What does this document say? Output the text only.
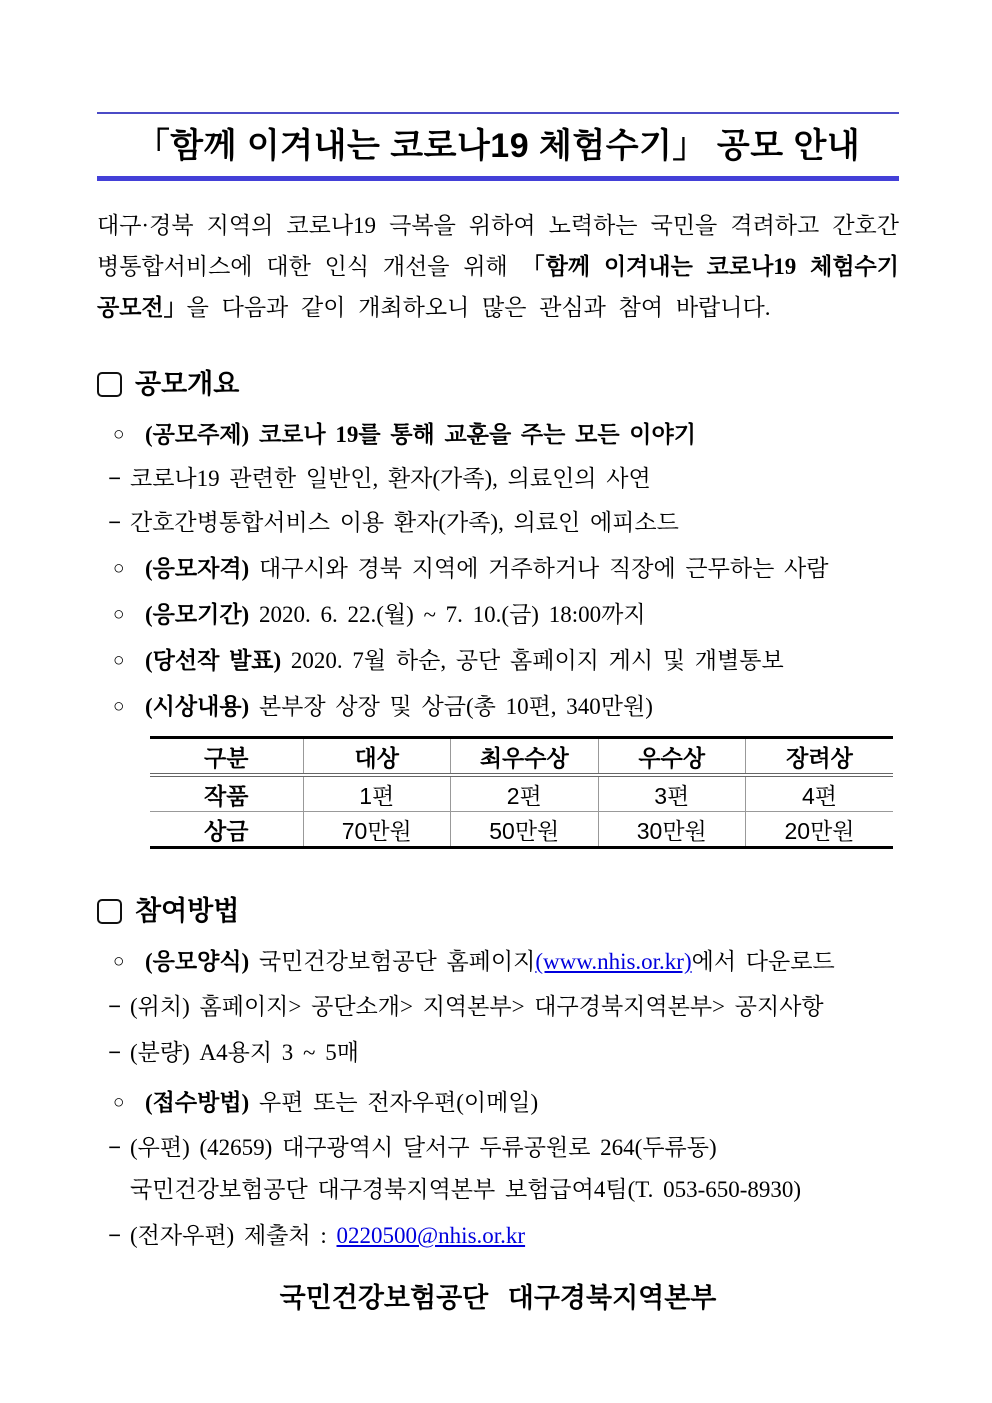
「함께 이겨내는 코로나19 체험수기」 공모 안내

대구·경북 지역의 코로나19 극복을 위하여 노력하는 국민을 격려하고 간호간병통합서비스에 대한 인식 개선을 위해 「함께 이겨내는 코로나19 체험수기 공모전」을 다음과 같이 개최하오니 많은 관심과 참여 바랍니다.

공모개요
○ (공모주제) 코로나 19를 통해 교훈을 주는 모든 이야기
− 코로나19 관련한 일반인, 환자(가족), 의료인의 사연
− 간호간병통합서비스 이용 환자(가족), 의료인 에피소드
○ (응모자격) 대구시와 경북 지역에 거주하거나 직장에 근무하는 사람
○ (응모기간) 2020. 6. 22.(월) ~ 7. 10.(금) 18:00까지
○ (당선작 발표) 2020. 7월 하순, 공단 홈페이지 게시 및 개별통보
○ (시상내용) 본부장 상장 및 상금(총 10편, 340만원)
구분	대상	최우수상	우수상	장려상
작품	1편	2편	3편	4편
상금	70만원	50만원	30만원	20만원
참여방법
○ (응모양식) 국민건강보험공단 홈페이지(www.nhis.or.kr)에서 다운로드
− (위치) 홈페이지> 공단소개> 지역본부> 대구경북지역본부> 공지사항
− (분량) A4용지 3 ~ 5매
○ (접수방법) 우편 또는 전자우편(이메일)
− (우편) (42659) 대구광역시 달서구 두류공원로 264(두류동)
국민건강보험공단 대구경북지역본부 보험급여4팀(T. 053-650-8930)
− (전자우편) 제출처 : 0220500@nhis.or.kr
국민건강보험공단 대구경북지역본부
